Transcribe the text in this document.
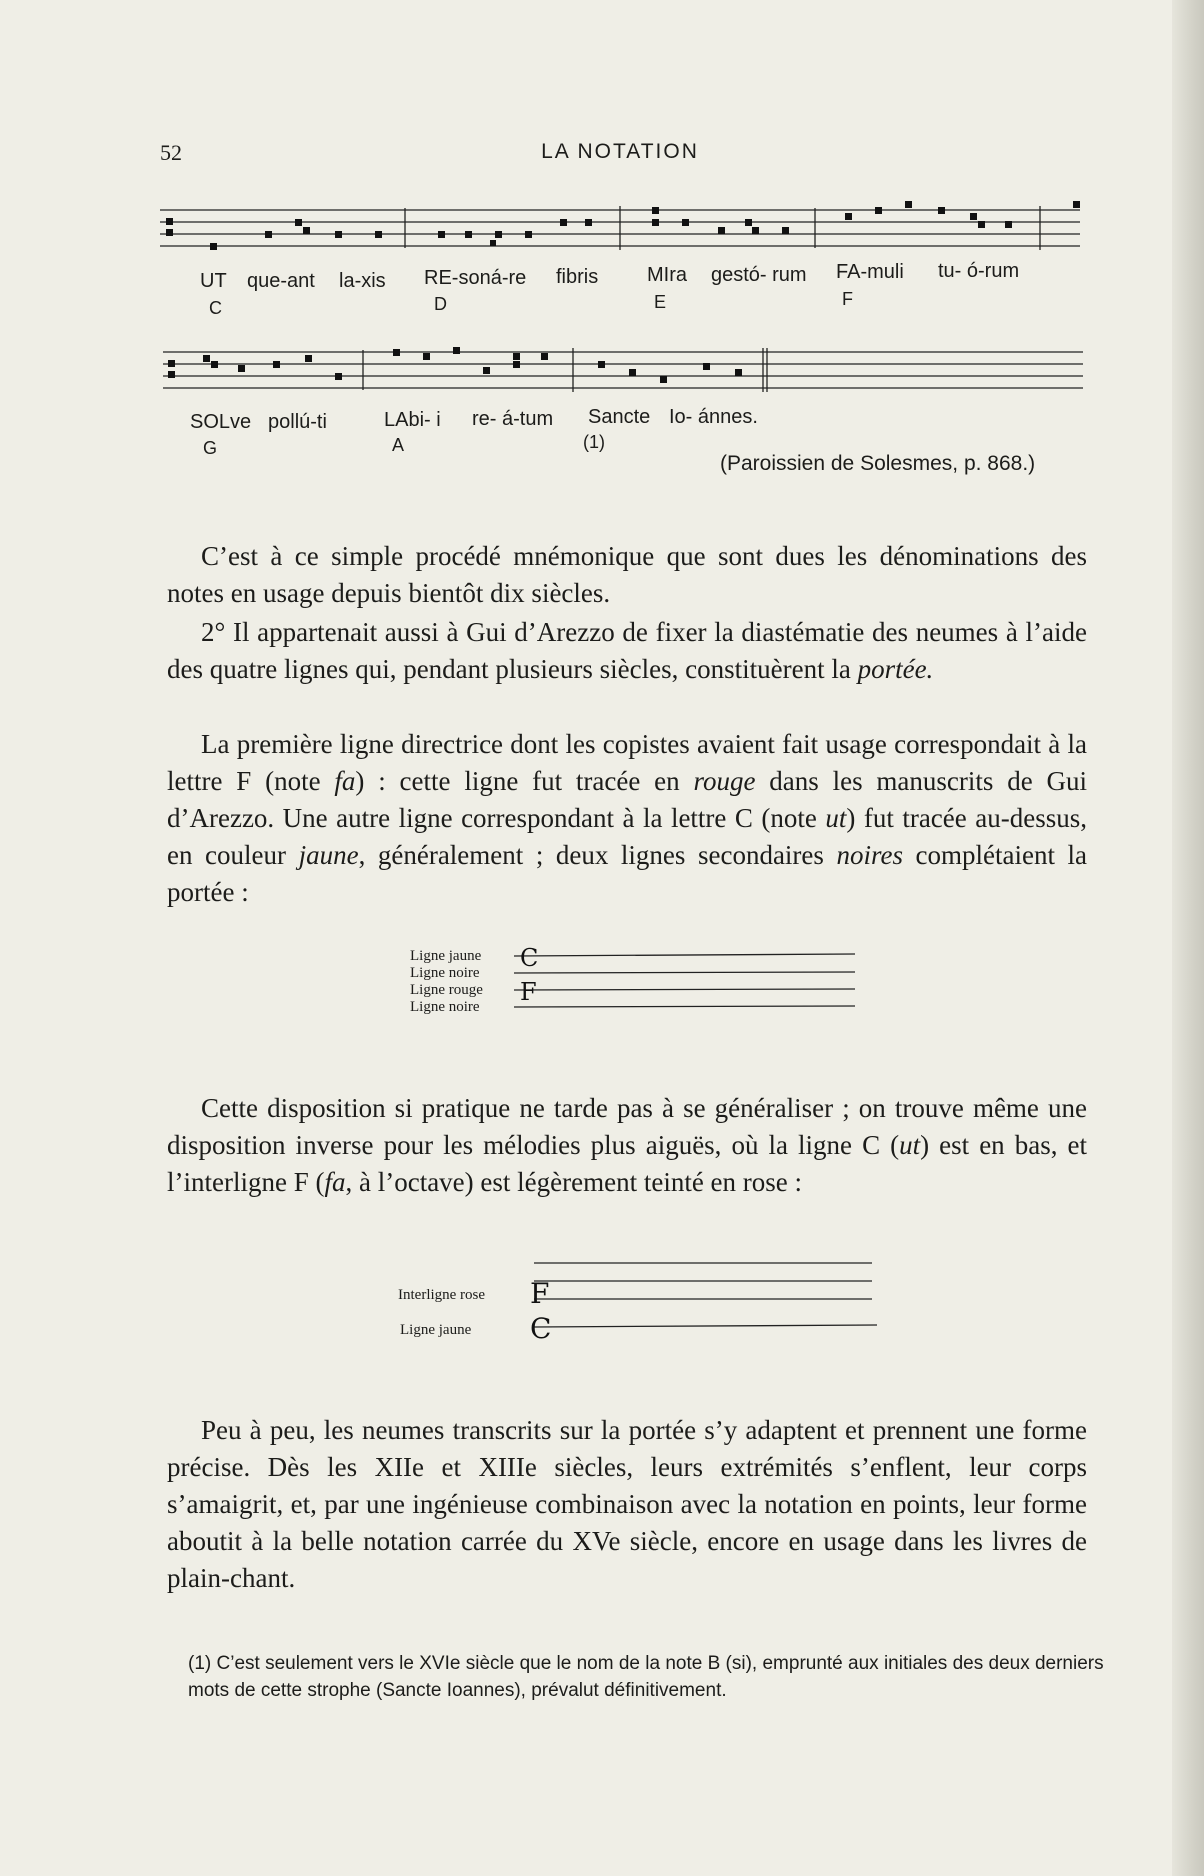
52	LA NOTATION
UT que-ant la-xis RE-soná-re fibris MIra gestó- rum FA-muli tu- ó-rum
C	D	E	F
SOLve pollú-ti	LAbi- i re- á-tum Sancte Io- ánnes.
G	A	(1)
(Paroissien de Solesmes, p. 868.)

C’est à ce simple procédé mnémonique que sont dues les dénominations des notes en usage depuis bientôt dix siècles.

2° Il appartenait aussi à Gui d’Arezzo de fixer la diastématie des neumes à l’aide des quatre lignes qui, pendant plusieurs siècles, constituèrent la portée.

La première ligne directrice dont les copistes avaient fait usage correspondait à la lettre F (note fa) : cette ligne fut tracée en rouge dans les manuscrits de Gui d’Arezzo. Une autre ligne correspondant à la lettre C (note ut) fut tracée au-dessus, en couleur jaune, généralement ; deux lignes secondaires noires complétaient la portée :

Ligne jaune
Ligne noire
Ligne rouge
Ligne noire
C
F

Cette disposition si pratique ne tarde pas à se généraliser ; on trouve même une disposition inverse pour les mélodies plus aiguës, où la ligne C (ut) est en bas, et l’interligne F (fa, à l’octave) est légèrement teinté en rose :

Interligne rose
Ligne jaune
F
C

Peu à peu, les neumes transcrits sur la portée s’y adaptent et prennent une forme précise. Dès les XIIe et XIIIe siècles, leurs extrémités s’enflent, leur corps s’amaigrit, et, par une ingénieuse combinaison avec la notation en points, leur forme aboutit à la belle notation carrée du XVe siècle, encore en usage dans les livres de plain-chant.

(1) C’est seulement vers le XVIe siècle que le nom de la note B (si), emprunté aux initiales des deux derniers mots de cette strophe (Sancte Ioannes), prévalut définitivement.
